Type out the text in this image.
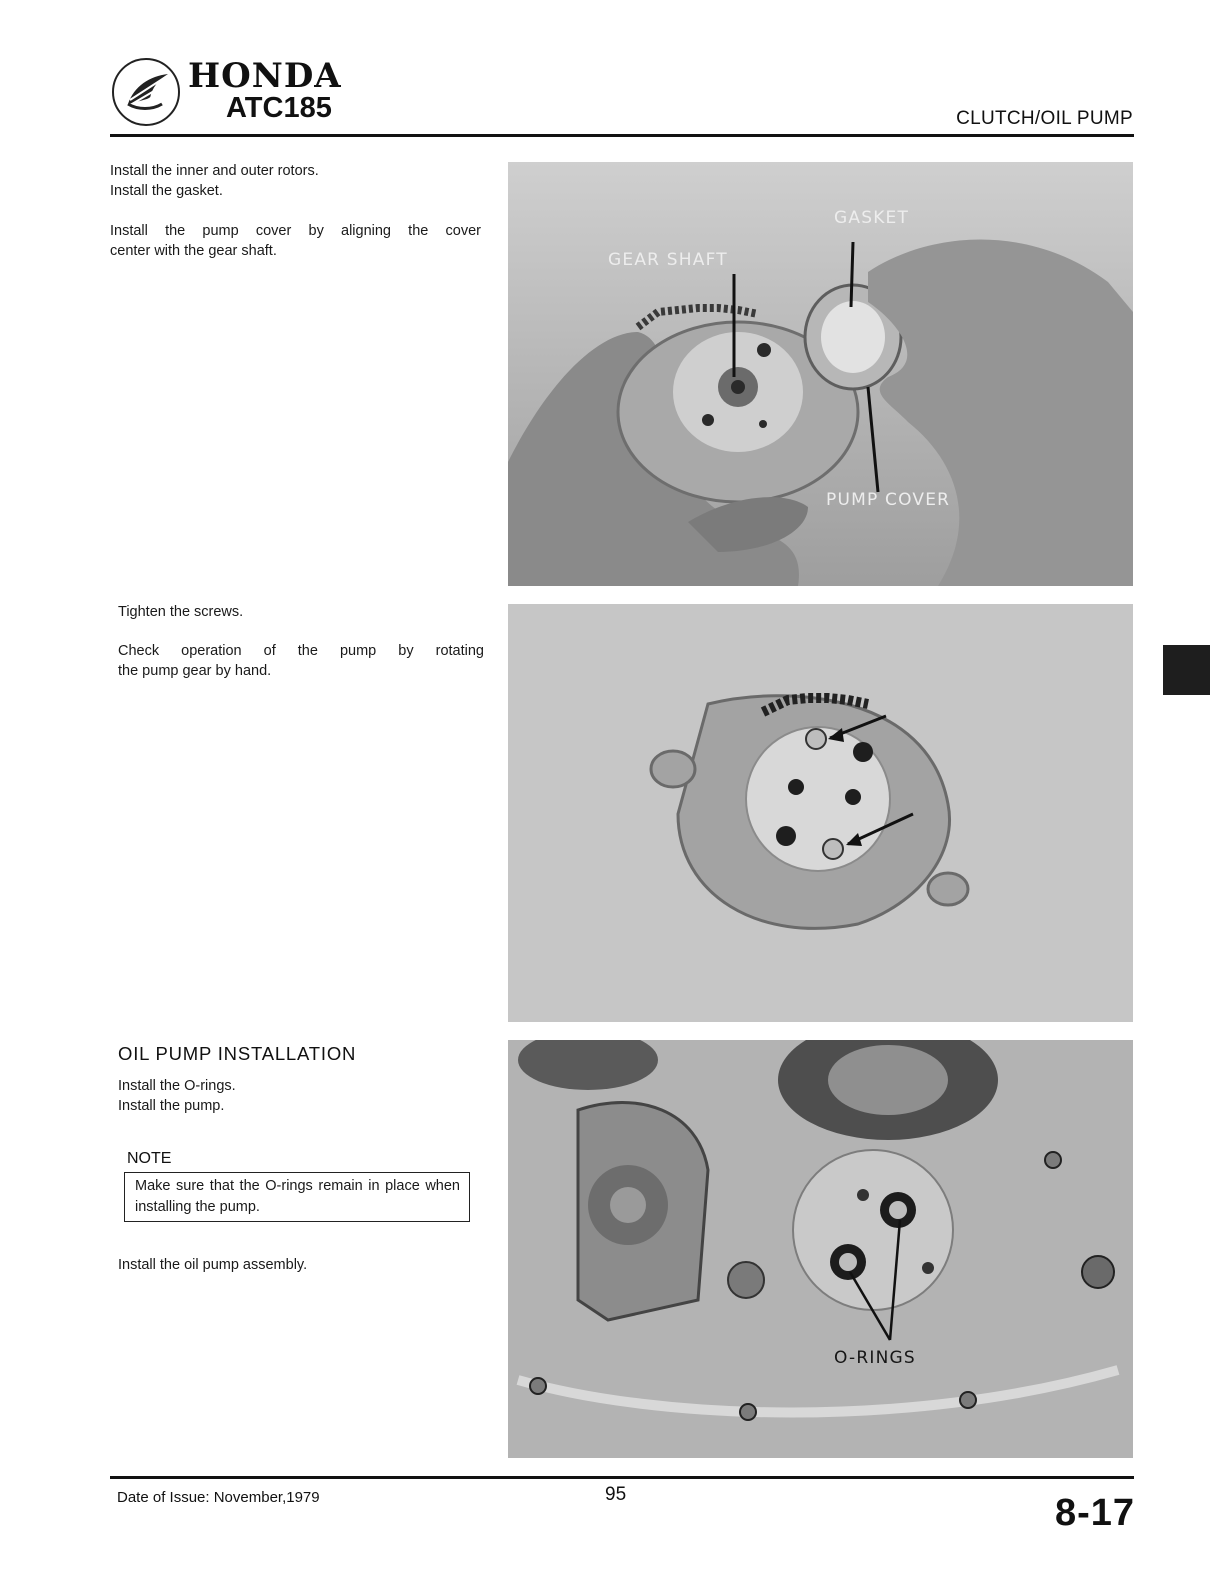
HONDA
ATC185	CLUTCH/OIL PUMP
Install the inner and outer rotors.
Install the gasket.
Install the pump cover by aligning the cover
center with the gear shaft.
Tighten the screws.
Check operation of the pump by rotating
the pump gear by hand.
OIL PUMP INSTALLATION
Install the O-rings.
Install the pump.
NOTE
Make sure that the O-rings remain in place when installing the pump.
Install the oil pump assembly.
GASKET
GEAR SHAFT
PUMP COVER
O-RINGS
Date of Issue: November,1979	95	8-17
